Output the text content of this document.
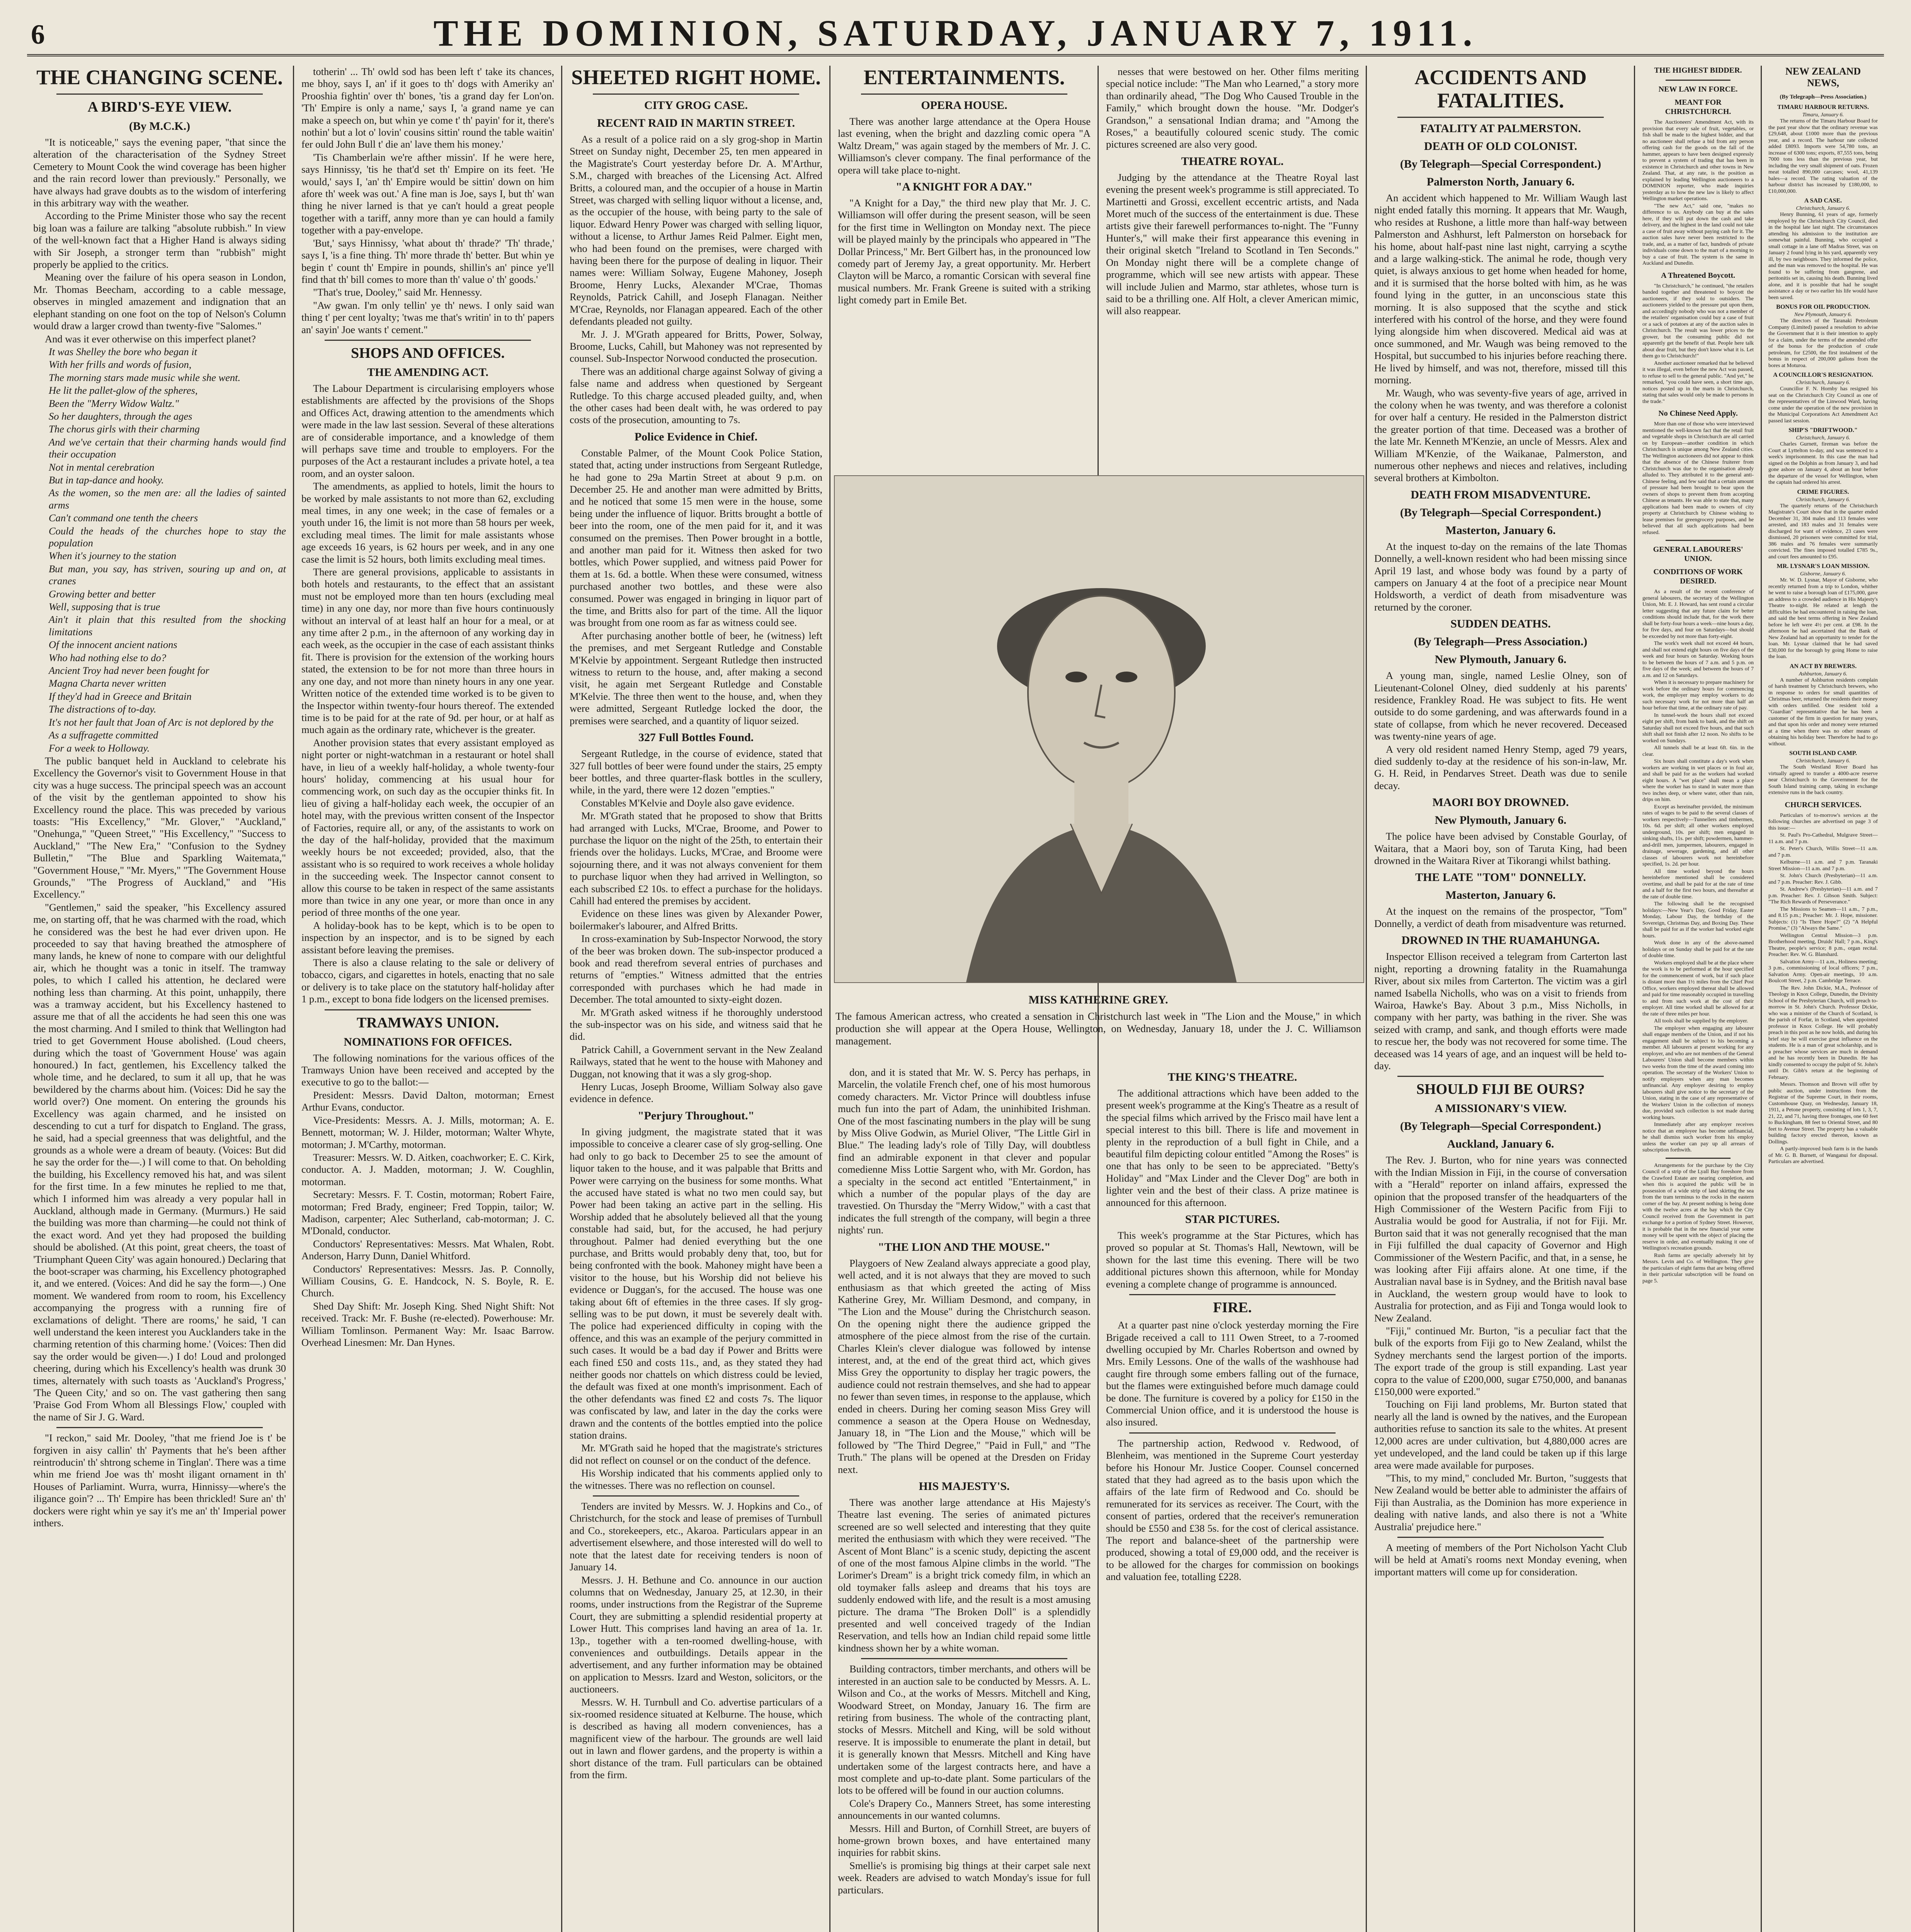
6	THE DOMINION, SATURDAY, JANUARY 7, 1911.
THE CHANGING SCENE.
A BIRD'S-EYE VIEW.
(By M.C.K.)

"It is noticeable," says the evening paper, "that since the alteration of the characterisation of the Sydney Street Cemetery to Mount Cook the wind coverage has been higher and the rain record lower than previously." Personally, we have always had grave doubts as to the wisdom of interfering in this arbitrary way with the weather.

According to the Prime Minister those who say the recent big loan was a failure are talking "absolute rubbish." In view of the well-known fact that a Higher Hand is always siding with Sir Joseph, a stronger term than "rubbish" might properly be applied to the critics.

Meaning over the failure of his opera season in London, Mr. Thomas Beecham, according to a cable message, observes in mingled amazement and indignation that an elephant standing on one foot on the top of Nelson's Column would draw a larger crowd than twenty-five "Salomes."

And was it ever otherwise on this imperfect planet?

It was Shelley the bore who began it

With her frills and words of fusion,

The morning stars made music while she went.

He lit the pallet-glow of the spheres,

Been the "Merry Widow Waltz."

So her daughters, through the ages

The chorus girls with their charming

And we've certain that their charming hands would find their occupation

Not in mental cerebration

But in tap-dance and hooky.

As the women, so the men are: all the ladies of sainted arms

Can't command one tenth the cheers

Could the heads of the churches hope to stay the population

When it's journey to the station

But man, you say, has striven, souring up and on, at cranes

Growing better and better

Well, supposing that is true

Ain't it plain that this resulted from the shocking limitations

Of the innocent ancient nations

Who had nothing else to do?

Ancient Troy had never been fought for

Magna Charta never written

If they'd had in Greece and Britain

The distractions of to-day.

It's not her fault that Joan of Arc is not deplored by the

As a suffragette committed

For a week to Holloway.

The public banquet held in Auckland to celebrate his Excellency the Governor's visit to Government House in that city was a huge success. The principal speech was an account of the visit by the gentleman appointed to show his Excellency round the place. This was preceded by various toasts: "His Excellency," "Mr. Glover," "Auckland," "Onehunga," "Queen Street," "His Excellency," "Success to Auckland," "The New Era," "Confusion to the Sydney Bulletin," "The Blue and Sparkling Waitemata," "Government House," "Mr. Myers," "The Government House Grounds," "The Progress of Auckland," and "His Excellency."

"Gentlemen," said the speaker, "his Excellency assured me, on starting off, that he was charmed with the road, which he considered was the best he had ever driven upon. He proceeded to say that having breathed the atmosphere of many lands, he knew of none to compare with our delightful air, which he thought was a tonic in itself. The tramway poles, to which I called his attention, he declared were nothing less than charming. At this point, unhappily, there was a tramway accident, but his Excellency hastened to assure me that of all the accidents he had seen this one was the most charming. And I smiled to think that Wellington had tried to get Government House abolished. (Loud cheers, during which the toast of 'Government House' was again honoured.) In fact, gentlemen, his Excellency talked the whole time, and he declared, to sum it all up, that he was bewildered by the charms about him. (Voices: Did he say the world over?) One moment. On entering the grounds his Excellency was again charmed, and he insisted on descending to cut a turf for dispatch to England. The grass, he said, had a special greenness that was delightful, and the grounds as a whole were a dream of beauty. (Voices: But did he say the order for the—.) I will come to that. On beholding the building, his Excellency removed his hat, and was silent for the first time. In a few minutes he replied to me that, which I informed him was already a very popular hall in Auckland, although made in Germany. (Murmurs.) He said the building was more than charming—he could not think of the exact word. And yet they had proposed the building should be abolished. (At this point, great cheers, the toast of 'Triumphant Queen City' was again honoured.) Declaring that the boot-scraper was charming, his Excellency photographed it, and we entered. (Voices: And did he say the form—.) One moment. We wandered from room to room, his Excellency accompanying the progress with a running fire of exclamations of delight. 'There are rooms,' he said, 'I can well understand the keen interest you Aucklanders take in the charming retention of this charming home.' (Voices: Then did say the order would be given—.) I do! Loud and prolonged cheering, during which his Excellency's health was drunk 30 times, alternately with such toasts as 'Auckland's Progress,' 'The Queen City,' and so on. The vast gathering then sang 'Praise God From Whom all Blessings Flow,' coupled with the name of Sir J. G. Ward.

"I reckon," said Mr. Dooley, "that me friend Joe is t' be forgiven in aisy callin' th' Payments that he's been afther reintroducin' th' shtrong scheme in Tinglan'. There was a time whin me friend Joe was th' mosht iligant ornament in th' Houses of Parliamint. Wurra, wurra, Hinnissy—where's the iligance goin'? ... Th' Empire has been thrickled! Sure an' th' dockers were right whin ye say it's me an' th' Imperial power inthers.

totherin' ... Th' owld sod has been left t' take its chances, me bhoy, says I, an' if it goes to th' dogs with Ameriky an' Prooshia fightin' over th' bones, 'tis a grand day fer Lon'on. 'Th' Empire is only a name,' says I, 'a grand name ye can make a speech on, but whin ye come t' th' payin' for it, there's nothin' but a lot o' lovin' cousins sittin' round the table waitin' fer ould John Bull t' die an' lave them his money.'

'Tis Chamberlain we're afther missin'. If he were here, says Hinnissy, 'tis he that'd set th' Empire on its feet. 'He would,' says I, 'an' th' Empire would be sittin' down on him afore th' week was out.' A fine man is Joe, says I, but th' wan thing he niver larned is that ye can't hould a great people together with a tariff, anny more than ye can hould a family together with a pay-envelope.

'But,' says Hinnissy, 'what about th' thrade?' 'Th' thrade,' says I, 'is a fine thing. Th' more thrade th' better. But whin ye begin t' count th' Empire in pounds, shillin's an' pince ye'll find that th' bill comes to more than th' value o' th' goods.'

"That's true, Dooley," said Mr. Hennessy.

"Aw gwan. I'm only tellin' ye th' news. I only said wan thing t' per cent loyalty; 'twas me that's writin' in to th' papers an' sayin' Joe wants t' cement."

SHOPS AND OFFICES.
THE AMENDING ACT.

The Labour Department is circularising employers whose establishments are affected by the provisions of the Shops and Offices Act, drawing attention to the amendments which were made in the law last session. Several of these alterations are of considerable importance, and a knowledge of them will perhaps save time and trouble to employers. For the purposes of the Act a restaurant includes a private hotel, a tea room, and an oyster saloon.

The amendments, as applied to hotels, limit the hours to be worked by male assistants to not more than 62, excluding meal times, in any one week; in the case of females or a youth under 16, the limit is not more than 58 hours per week, excluding meal times. The limit for male assistants whose age exceeds 16 years, is 62 hours per week, and in any one case the limit is 52 hours, both limits excluding meal times.

There are general provisions, applicable to assistants in both hotels and restaurants, to the effect that an assistant must not be employed more than ten hours (excluding meal time) in any one day, nor more than five hours continuously without an interval of at least half an hour for a meal, or at any time after 2 p.m., in the afternoon of any working day in each week, as the occupier in the case of each assistant thinks fit. There is provision for the extension of the working hours stated, the extension to be for not more than three hours in any one day, and not more than ninety hours in any one year. Written notice of the extended time worked is to be given to the Inspector within twenty-four hours thereof. The extended time is to be paid for at the rate of 9d. per hour, or at half as much again as the ordinary rate, whichever is the greater.

Another provision states that every assistant employed as night porter or night-watchman in a restaurant or hotel shall have, in lieu of a weekly half-holiday, a whole twenty-four hours' holiday, commencing at his usual hour for commencing work, on such day as the occupier thinks fit. In lieu of giving a half-holiday each week, the occupier of an hotel may, with the previous written consent of the Inspector of Factories, require all, or any, of the assistants to work on the day of the half-holiday, provided that the maximum weekly hours be not exceeded; provided, also, that the assistant who is so required to work receives a whole holiday in the succeeding week. The Inspector cannot consent to allow this course to be taken in respect of the same assistants more than twice in any one year, or more than once in any period of three months of the one year.

A holiday-book has to be kept, which is to be open to inspection by an inspector, and is to be signed by each assistant before leaving the premises.

There is also a clause relating to the sale or delivery of tobacco, cigars, and cigarettes in hotels, enacting that no sale or delivery is to take place on the statutory half-holiday after 1 p.m., except to bona fide lodgers on the licensed premises.

TRAMWAYS UNION.
NOMINATIONS FOR OFFICES.

The following nominations for the various offices of the Tramways Union have been received and accepted by the executive to go to the ballot:—

President: Messrs. David Dalton, motorman; Ernest Arthur Evans, conductor.

Vice-Presidents: Messrs. A. J. Mills, motorman; A. E. Bennett, motorman; W. J. Hilder, motorman; Walter Whyte, motorman; J. M'Carthy, motorman.

Treasurer: Messrs. W. D. Aitken, coachworker; E. C. Kirk, conductor. A. J. Madden, motorman; J. W. Coughlin, motorman.

Secretary: Messrs. F. T. Costin, motorman; Robert Faire, motorman; Fred Brady, engineer; Fred Toppin, tailor; W. Madison, carpenter; Alec Sutherland, cab-motorman; J. C. M'Donald, conductor.

Conductors' Representatives: Messrs. Mat Whalen, Robt. Anderson, Harry Dunn, Daniel Whitford.

Conductors' Representatives: Messrs. Jas. P. Connolly, William Cousins, G. E. Handcock, N. S. Boyle, R. E. Church.

Shed Day Shift: Mr. Joseph King. Shed Night Shift: Not received. Track: Mr. F. Bushe (re-elected). Powerhouse: Mr. William Tomlinson. Permanent Way: Mr. Isaac Barrow. Overhead Linesmen: Mr. Dan Hynes.

SHEETED RIGHT HOME.
CITY GROG CASE.
RECENT RAID IN MARTIN STREET.

As a result of a police raid on a sly grog-shop in Martin Street on Sunday night, December 25, ten men appeared in the Magistrate's Court yesterday before Dr. A. M'Arthur, S.M., charged with breaches of the Licensing Act. Alfred Britts, a coloured man, and the occupier of a house in Martin Street, was charged with selling liquor without a license, and, as the occupier of the house, with being party to the sale of liquor. Edward Henry Power was charged with selling liquor, without a license, to Arthur James Reid Palmer. Eight men, who had been found on the premises, were charged with having been there for the purpose of dealing in liquor. Their names were: William Solway, Eugene Mahoney, Joseph Broome, Henry Lucks, Alexander M'Crae, Thomas Reynolds, Patrick Cahill, and Joseph Flanagan. Neither M'Crae, Reynolds, nor Flanagan appeared. Each of the other defendants pleaded not guilty.

Mr. J. J. M'Grath appeared for Britts, Power, Solway, Broome, Lucks, Cahill, but Mahoney was not represented by counsel. Sub-Inspector Norwood conducted the prosecution.

There was an additional charge against Solway of giving a false name and address when questioned by Sergeant Rutledge. To this charge accused pleaded guilty, and, when the other cases had been dealt with, he was ordered to pay costs of the prosecution, amounting to 7s.

Police Evidence in Chief.

Constable Palmer, of the Mount Cook Police Station, stated that, acting under instructions from Sergeant Rutledge, he had gone to 29a Martin Street at about 9 p.m. on December 25. He and another man were admitted by Britts, and he noticed that some 15 men were in the house, some being under the influence of liquor. Britts brought a bottle of beer into the room, one of the men paid for it, and it was consumed on the premises. Then Power brought in a bottle, and another man paid for it. Witness then asked for two bottles, which Power supplied, and witness paid Power for them at 1s. 6d. a bottle. When these were consumed, witness purchased another two bottles, and these were also consumed. Power was engaged in bringing in liquor part of the time, and Britts also for part of the time. All the liquor was brought from one room as far as witness could see.

After purchasing another bottle of beer, he (witness) left the premises, and met Sergeant Rutledge and Constable M'Kelvie by appointment. Sergeant Rutledge then instructed witness to return to the house, and, after making a second visit, he again met Sergeant Rutledge and Constable M'Kelvie. The three then went to the house, and, when they were admitted, Sergeant Rutledge locked the door, the premises were searched, and a quantity of liquor seized.

327 Full Bottles Found.

Sergeant Rutledge, in the course of evidence, stated that 327 full bottles of beer were found under the stairs, 25 empty beer bottles, and three quarter-flask bottles in the scullery, while, in the yard, there were 12 dozen "empties."

Constables M'Kelvie and Doyle also gave evidence.

Mr. M'Grath stated that he proposed to show that Britts had arranged with Lucks, M'Crae, Broome, and Power to purchase the liquor on the night of the 25th, to entertain their friends over the holidays. Lucks, M'Crae, and Broome were sojourning there, and it was not always convenient for them to purchase liquor when they had arrived in Wellington, so each subscribed £2 10s. to effect a purchase for the holidays. Cahill had entered the premises by accident.

Evidence on these lines was given by Alexander Power, boilermaker's labourer, and Alfred Britts.

In cross-examination by Sub-Inspector Norwood, the story of the beer was broken down. The sub-inspector produced a book and read therefrom several entries of purchases and returns of "empties." Witness admitted that the entries corresponded with purchases which he had made in December. The total amounted to sixty-eight dozen.

Mr. M'Grath asked witness if he thoroughly understood the sub-inspector was on his side, and witness said that he did.

Patrick Cahill, a Government servant in the New Zealand Railways, stated that he went to the house with Mahoney and Duggan, not knowing that it was a sly grog-shop.

Henry Lucas, Joseph Broome, William Solway also gave evidence in defence.

"Perjury Throughout."

In giving judgment, the magistrate stated that it was impossible to conceive a clearer case of sly grog-selling. One had only to go back to December 25 to see the amount of liquor taken to the house, and it was palpable that Britts and Power were carrying on the business for some months. What the accused have stated is what no two men could say, but Power had been taking an active part in the selling. His Worship added that he absolutely believed all that the young constable had said, but, for the accused, he had perjury throughout. Palmer had denied everything but the one purchase, and Britts would probably deny that, too, but for being confronted with the book. Mahoney might have been a visitor to the house, but his Worship did not believe his evidence or Duggan's, for the accused. The house was one taking about 6ft of eftemies in the three cases. If sly grog-selling was to be put down, it must be severely dealt with. The police had experienced difficulty in coping with the offence, and this was an example of the perjury committed in such cases. It would be a bad day if Power and Britts were each fined £50 and costs 11s., and, as they stated they had neither goods nor chattels on which distress could be levied, the default was fixed at one month's imprisonment. Each of the other defendants was fined £2 and costs 7s. The liquor was confiscated by law, and later in the day the corks were drawn and the contents of the bottles emptied into the police station drains.

Mr. M'Grath said he hoped that the magistrate's strictures did not reflect on counsel or on the conduct of the defence.

His Worship indicated that his comments applied only to the witnesses. There was no reflection on counsel.

Tenders are invited by Messrs. W. J. Hopkins and Co., of Christchurch, for the stock and lease of premises of Turnbull and Co., storekeepers, etc., Akaroa. Particulars appear in an advertisement elsewhere, and those interested will do well to note that the latest date for receiving tenders is noon of January 14.

Messrs. J. H. Bethune and Co. announce in our auction columns that on Wednesday, January 25, at 12.30, in their rooms, under instructions from the Registrar of the Supreme Court, they are submitting a splendid residential property at Lower Hutt. This comprises land having an area of 1a. 1r. 13p., together with a ten-roomed dwelling-house, with conveniences and outbuildings. Details appear in the advertisement, and any further information may be obtained on application to Messrs. Izard and Weston, solicitors, or the auctioneers.

Messrs. W. H. Turnbull and Co. advertise particulars of a six-roomed residence situated at Kelburne. The house, which is described as having all modern conveniences, has a magnificent view of the harbour. The grounds are well laid out in lawn and flower gardens, and the property is within a short distance of the tram. Full particulars can be obtained from the firm.

ENTERTAINMENTS.
OPERA HOUSE.

There was another large attendance at the Opera House last evening, when the bright and dazzling comic opera "A Waltz Dream," was again staged by the members of Mr. J. C. Williamson's clever company. The final performance of the opera will take place to-night.

"A KNIGHT FOR A DAY."

"A Knight for a Day," the third new play that Mr. J. C. Williamson will offer during the present season, will be seen for the first time in Wellington on Monday next. The piece will be played mainly by the principals who appeared in "The Dollar Princess," Mr. Bert Gilbert has, in the pronounced low comedy part of Jeremy Jay, a great opportunity. Mr. Herbert Clayton will be Marco, a romantic Corsican with several fine musical numbers. Mr. Frank Greene is suited with a striking light comedy part in Emile Bet.

nesses that were bestowed on her. Other films meriting special notice include: "The Man who Learned," a story more than ordinarily ahead, "The Dog Who Caused Trouble in the Family," which brought down the house. "Mr. Dodger's Grandson," a sensational Indian drama; and "Among the Roses," a beautifully coloured scenic study. The comic pictures screened are also very good.

THEATRE ROYAL.

Judging by the attendance at the Theatre Royal last evening the present week's programme is still appreciated. To Martinetti and Grossi, excellent eccentric artists, and Nada Moret much of the success of the entertainment is due. These artists give their farewell performances to-night. The "Funny Hunter's," will make their first appearance this evening in their original sketch "Ireland to Scotland in Ten Seconds." On Monday night there will be a complete change of programme, which will see new artists with appear. These will include Julien and Marmo, star athletes, whose turn is said to be a thrilling one. Alf Holt, a clever American mimic, will also reappear.

MISS KATHERINE GREY.
The famous American actress, who created a sensation in Christchurch last week in "The Lion and the Mouse," in which production she will appear at the Opera House, Wellington, on Wednesday, January 18, under the J. C. Williamson management.

don, and it is stated that Mr. W. S. Percy has perhaps, in Marcelin, the volatile French chef, one of his most humorous comedy characters. Mr. Victor Prince will doubtless infuse much fun into the part of Adam, the uninhibited Irishman. One of the most fascinating numbers in the play will be sung by Miss Olive Godwin, as Muriel Oliver, "The Little Girl in Blue." The leading lady's role of Tilly Day, will doubtless find an admirable exponent in that clever and popular comedienne Miss Lottie Sargent who, with Mr. Gordon, has a specialty in the second act entitled "Entertainment," in which a number of the popular plays of the day are travestied. On Thursday the "Merry Widow," with a cast that indicates the full strength of the company, will begin a three nights' run.

"THE LION AND THE MOUSE."

Playgoers of New Zealand always appreciate a good play, well acted, and it is not always that they are moved to such enthusiasm as that which greeted the acting of Miss Katherine Grey, Mr. William Desmond, and company, in "The Lion and the Mouse" during the Christchurch season. On the opening night there the audience gripped the atmosphere of the piece almost from the rise of the curtain. Charles Klein's clever dialogue was followed by intense interest, and, at the end of the great third act, which gives Miss Grey the opportunity to display her tragic powers, the audience could not restrain themselves, and she had to appear no fewer than seven times, in response to the applause, which ended in cheers. During her coming season Miss Grey will commence a season at the Opera House on Wednesday, January 18, in "The Lion and the Mouse," which will be followed by "The Third Degree," "Paid in Full," and "The Truth." The plans will be opened at the Dresden on Friday next.

HIS MAJESTY'S.

There was another large attendance at His Majesty's Theatre last evening. The series of animated pictures screened are so well selected and interesting that they quite merited the enthusiasm with which they were received. "The Ascent of Mont Blanc" is a scenic study, depicting the ascent of one of the most famous Alpine climbs in the world. "The Lorimer's Dream" is a bright trick comedy film, in which an old toymaker falls asleep and dreams that his toys are suddenly endowed with life, and the result is a most amusing picture. The drama "The Broken Doll" is a splendidly presented and well conceived tragedy of the Indian Reservation, and tells how an Indian child repaid some little kindness shown her by a white woman.

Building contractors, timber merchants, and others will be interested in an auction sale to be conducted by Messrs. A. L. Wilson and Co., at the works of Messrs. Mitchell and King, Woodward Street, on Monday, January 16. The firm are retiring from business. The whole of the contracting plant, stocks of Messrs. Mitchell and King, will be sold without reserve. It is impossible to enumerate the plant in detail, but it is generally known that Messrs. Mitchell and King have undertaken some of the largest contracts here, and have a most complete and up-to-date plant. Some particulars of the lots to be offered will be found in our auction columns.

Cole's Drapery Co., Manners Street, has some interesting announcements in our wanted columns.

Messrs. Hill and Burton, of Cornhill Street, are buyers of home-grown brown boxes, and have entertained many inquiries for rabbit skins.

Smellie's is promising big things at their carpet sale next week. Readers are advised to watch Monday's issue for full particulars.

THE KING'S THEATRE.

The additional attractions which have been added to the present week's programme at the King's Theatre as a result of the special films which arrived by the Frisco mail have lent a special interest to this bill. There is life and movement in plenty in the reproduction of a bull fight in Chile, and a beautiful film depicting colour entitled "Among the Roses" is one that has only to be seen to be appreciated. "Betty's Holiday" and "Max Linder and the Clever Dog" are both in lighter vein and the best of their class. A prize matinee is announced for this afternoon.

STAR PICTURES.

This week's programme at the Star Pictures, which has proved so popular at St. Thomas's Hall, Newtown, will be shown for the last time this evening. There will be two additional pictures shown this afternoon, while for Monday evening a complete change of programme is announced.

FIRE.

At a quarter past nine o'clock yesterday morning the Fire Brigade received a call to 111 Owen Street, to a 7-roomed dwelling occupied by Mr. Charles Robertson and owned by Mrs. Emily Lessons. One of the walls of the washhouse had caught fire through some embers falling out of the furnace, but the flames were extinguished before much damage could be done. The furniture is covered by a policy for £150 in the Commercial Union office, and it is understood the house is also insured.

The partnership action, Redwood v. Redwood, of Blenheim, was mentioned in the Supreme Court yesterday before his Honour Mr. Justice Cooper. Counsel concerned stated that they had agreed as to the basis upon which the affairs of the late firm of Redwood and Co. should be remunerated for its services as receiver. The Court, with the consent of parties, ordered that the receiver's remuneration should be £550 and £38 5s. for the cost of clerical assistance. The report and balance-sheet of the partnership were produced, showing a total of £9,000 odd, and the receiver is to be allowed for the charges for commission on bookings and valuation fee, totalling £228.

ACCIDENTS AND FATALITIES.
FATALITY AT PALMERSTON.
DEATH OF OLD COLONIST.
(By Telegraph—Special Correspondent.)
Palmerston North, January 6.

An accident which happened to Mr. William Waugh last night ended fatally this morning. It appears that Mr. Waugh, who resides at Rushone, a little more than half-way between Palmerston and Ashhurst, left Palmerston on horseback for his home, about half-past nine last night, carrying a scythe and a large walking-stick. The animal he rode, though very quiet, is always anxious to get home when headed for home, and it is surmised that the horse bolted with him, as he was found lying in the gutter, in an unconscious state this morning. It is also supposed that the scythe and stick interfered with his control of the horse, and they were found lying alongside him when discovered. Medical aid was at once summoned, and Mr. Waugh was being removed to the Hospital, but succumbed to his injuries before reaching there. He lived by himself, and was not, therefore, missed till this morning.

Mr. Waugh, who was seventy-five years of age, arrived in the colony when he was twenty, and was therefore a colonist for over half a century. He resided in the Palmerston district the greater portion of that time. Deceased was a brother of the late Mr. Kenneth M'Kenzie, an uncle of Messrs. Alex and William M'Kenzie, of the Waikanae, Palmerston, and numerous other nephews and nieces and relatives, including several brothers at Kimbolton.

DEATH FROM MISADVENTURE.
(By Telegraph—Special Correspondent.)
Masterton, January 6.

At the inquest to-day on the remains of the late Thomas Donnelly, a well-known resident who had been missing since April 19 last, and whose body was found by a party of campers on January 4 at the foot of a precipice near Mount Holdsworth, a verdict of death from misadventure was returned by the coroner.

SUDDEN DEATHS.
(By Telegraph—Press Association.)
New Plymouth, January 6.

A young man, single, named Leslie Olney, son of Lieutenant-Colonel Olney, died suddenly at his parents' residence, Frankley Road. He was subject to fits. He went outside to do some gardening, and was afterwards found in a state of collapse, from which he never recovered. Deceased was twenty-nine years of age.

A very old resident named Henry Stemp, aged 79 years, died suddenly to-day at the residence of his son-in-law, Mr. G. H. Reid, in Pendarves Street. Death was due to senile decay.

MAORI BOY DROWNED.
New Plymouth, January 6.

The police have been advised by Constable Gourlay, of Waitara, that a Maori boy, son of Taruta King, had been drowned in the Waitara River at Tikorangi whilst bathing.

THE LATE "TOM" DONNELLY.
Masterton, January 6.

At the inquest on the remains of the prospector, "Tom" Donnelly, a verdict of death from misadventure was returned.

DROWNED IN THE RUAMAHUNGA.

Inspector Ellison received a telegram from Carterton last night, reporting a drowning fatality in the Ruamahunga River, about six miles from Carterton. The victim was a girl named Isabella Nicholls, who was on a visit to friends from Wairoa, Hawke's Bay. About 3 p.m., Miss Nicholls, in company with her party, was bathing in the river. She was seized with cramp, and sank, and though efforts were made to rescue her, the body was not recovered for some time. The deceased was 14 years of age, and an inquest will be held to-day.

SHOULD FIJI BE OURS?
A MISSIONARY'S VIEW.
(By Telegraph—Special Correspondent.)
Auckland, January 6.

The Rev. J. Burton, who for nine years was connected with the Indian Mission in Fiji, in the course of conversation with a "Herald" reporter on inland affairs, expressed the opinion that the proposed transfer of the headquarters of the High Commissioner of the Western Pacific from Fiji to Australia would be good for Australia, if not for Fiji. Mr. Burton said that it was not generally recognised that the man in Fiji fulfilled the dual capacity of Governor and High Commissioner of the Western Pacific, and that, in a sense, he was looking after Fiji affairs alone. At one time, if the Australian naval base is in Sydney, and the British naval base in Auckland, the western group would have to look to Australia for protection, and as Fiji and Tonga would look to New Zealand.

"Fiji," continued Mr. Burton, "is a peculiar fact that the bulk of the exports from Fiji go to New Zealand, whilst the Sydney merchants send the largest portion of the imports. The export trade of the group is still expanding. Last year copra to the value of £200,000, sugar £750,000, and bananas £150,000 were exported."

Touching on Fiji land problems, Mr. Burton stated that nearly all the land is owned by the natives, and the European authorities refuse to sanction its sale to the whites. At present 12,000 acres are under cultivation, but 4,880,000 acres are yet undeveloped, and the land could be taken up if this large area were made available for purposes.

"This, to my mind," concluded Mr. Burton, "suggests that New Zealand would be better able to administer the affairs of Fiji than Australia, as the Dominion has more experience in dealing with native lands, and also there is not a 'White Australia' prejudice here."

A meeting of members of the Port Nicholson Yacht Club will be held at Amati's rooms next Monday evening, when important matters will come up for consideration.

THE HIGHEST BIDDER.
NEW LAW IN FORCE.
MEANT FOR CHRISTCHURCH.

The Auctioneers' Amendment Act, with its provision that every sale of fruit, vegetables, or fish shall be made to the highest bidder, and that no auctioneer shall refuse a bid from any person offering cash for the goods on the fall of the hammer, appears to have been designed expressly to prevent a system of trading that has been in existence in Christchurch and other towns in New Zealand. That, at any rate, is the position as explained by leading Wellington auctioneers to a DOMINION reporter, who made inquiries yesterday as to how the new law is likely to affect Wellington market operations.

"The new Act," said one, "makes no difference to us. Anybody can buy at the sales here, if they will put down the cash and take delivery, and the highest in the land could not take a case of fruit away without paying cash for it. The auction sales have never been restricted to the trade, and, as a matter of fact, hundreds of private individuals come down to the mart of a morning to buy a case of fruit. The system is the same in Auckland and Dunedin.

A Threatened Boycott.

"In Christchurch," he continued, "the retailers banded together and threatened to boycott the auctioneers, if they sold to outsiders. The auctioneers yielded to the pressure put upon them, and accordingly nobody who was not a member of the retailers' organisation could buy a case of fruit or a sack of potatoes at any of the auction sales in Christchurch. The result was lower prices to the grower, but the consuming public did not apparently get the benefit of that. People here talk about dear fruit, but they don't know what it is. Let them go to Christchurch!"

Another auctioneer remarked that he believed it was illegal, even before the new Act was passed, to refuse to sell to the general public. "And yet," he remarked, "you could have seen, a short time ago, notices posted up in the marts in Christchurch, stating that sales would only be made to persons in the trade."

No Chinese Need Apply.

More than one of those who were interviewed mentioned the well-known fact that the retail fruit and vegetable shops in Christchurch are all carried on by European—another condition in which Christchurch is unique among New Zealand cities. The Wellington auctioneers did not appear to think that the absence of the Chinese fruiterer from Christchurch was due to the organisation already alluded to. They attributed it to the general anti-Chinese feeling, and few said that a certain amount of pressure had been brought to bear upon the owners of shops to prevent them from accepting Chinese as tenants. He was able to state that, many applications had been made to owners of city property at Christchurch by Chinese wishing to lease premises for greengrocery purposes, and he believed that all such applications had been refused.

GENERAL LABOURERS' UNION.
CONDITIONS OF WORK DESIRED.

As a result of the recent conference of general labourers, the secretary of the Wellington Union, Mr. E. J. Howard, has sent round a circular letter suggesting that any future claim for better conditions should include that, for the work there shall be forty-four hours a week—nine hours a day, for five days, and four on Saturdays—but should be exceeded by not more than forty-eight.

The work's week shall not exceed 44 hours, and shall not extend eight hours on five days of the week and four hours on Saturday. Working hours to be between the hours of 7 a.m. and 5 p.m. on five days of the week; and between the hours of 7 a.m. and 12 on Saturdays.

When it is necessary to prepare machinery for work before the ordinary hours for commencing work, the employer may employ workers to do such necessary work for not more than half an hour before that time, at the ordinary rate of pay.

In tunnel-work the hours shall not exceed eight per shift, from bank to bank, and the shift on Saturday shall not exceed five hours, and that such shift shall not finish after 12 noon. No shifts to be worked on Sundays.

All tunnels shall be at least 6ft. 6in. in the clear.

Six hours shall constitute a day's work when workers are working in wet places or in foul air, and shall be paid for as the workers had worked eight hours. A "wet place" shall mean a place where the worker has to stand in water more than two inches deep, or where water, other than rain, drips on him.

Except as hereinafter provided, the minimum rates of wages to be paid to the several classes of workers respectively—Tunnellers and timbermen, 10s. 6d. per shift; all other workers employed underground, 10s. per shift; men engaged in sinking shafts, 11s. per shift; powdermen, hammer-and-drill men, jumpermen, labourers, engaged in drainage, sewerage, gardening, and all other classes of labourers work not hereinbefore specified, 1s. 2d. per hour.

All time worked beyond the hours hereinbefore mentioned shall be considered overtime, and shall be paid for at the rate of time and a half for the first two hours, and thereafter at the rate of double time.

The following shall be the recognised holidays:—New Year's Day, Good Friday, Easter Monday, Labour Day, the birthday of the Sovereign, Christmas Day, and Boxing Day. These shall be paid for as if the worker had worked eight hours.

Work done in any of the above-named holidays or on Sunday shall be paid for at the rate of double time.

Workers employed shall be at the place where the work is to be performed at the hour specified for the commencement of work, but if such place is distant more than 1½ miles from the Chief Post Office, workers employed thereat shall be allowed and paid for time reasonably occupied in travelling to and from such work at the cost of their employer. All time worked shall be allowed for at the rate of three miles per hour.

All tools shall be supplied by the employer.

The employer when engaging any labourer shall engage members of the Union, and if not his engagement shall be subject to his becoming a member. All labourers at present working for any employer, and who are not members of the General Labourers' Union shall become members within two weeks from the time of the award coming into operation. The secretary of the Workers' Union to notify employers when any man becomes unfinancial. Any employer desiring to employ labourers shall give notice to the secretary of the Union, stating in the case of any representative of the Workers' Union in the collection of moneys due, provided such collection is not made during working hours.

Immediately after any employer receives notice that an employee has become unfinancial, he shall dismiss such worker from his employ unless the worker can pay up all arrears of subscription forthwith.

Arrangements for the purchase by the City Council of a strip of the Lyall Bay foreshore from the Crawford Estate are nearing completion, and when this is acquired the public will be in possession of a wide strip of land skirting the sea from the tram terminus to the rocks in the eastern corner of the bay. At present nothing is being done with the twelve acres at the bay which the City Council received from the Government in part exchange for a portion of Sydney Street. However, it is probable that in the new financial year some money will be spent with the object of placing the reserve in order, and eventually making it one of Wellington's recreation grounds.

Rush farms are specially adversely hit by Messrs. Levin and Co. of Wellington. They give the particulars of eight farms that are being offered in their particular subscription will be found on page 5.

NEW ZEALAND NEWS,
(By Telegraph—Press Association.)
TIMARU HARBOUR RETURNS.
Timaru, January 6.

The returns of the Timaru Harbour Board for the past year show that the ordinary revenue was £29,648, about £1000 more than the previous year, and a record. The harbour rate collected added £8093. Imports were 54,780 tons, an increase of 6300 tons; exports, 87,555 tons, being 7000 tons less than the previous year, but including the very small shipment of oats. Frozen meat totalled 890,000 carcases; wool, 41,139 bales—a record. The rating valuation of the harbour district has increased by £180,000, to £10,000,000.

A SAD CASE.
Christchurch, January 6.

Henry Bunning, 61 years of age, formerly employed by the Christchurch City Council, died in the hospital late last night. The circumstances attending his admission to the institution are somewhat painful. Bunning, who occupied a small cottage in a lane off Madras Street, was on January 2 found lying in his yard, apparently very ill, by two neighbours. They informed the police, and the man was removed to the hospital. He was found to be suffering from gangrene, and peritonitis set in, causing his death. Bunning lived alone, and it is possible that had he sought assistance a day or two earlier his life would have been saved.

BONUS FOR OIL PRODUCTION.
New Plymouth, January 6.

The directors of the Taranaki Petroleum Company (Limited) passed a resolution to advise the Government that it is their intention to apply for a claim, under the terms of the amended offer of the bonus for the production of crude petroleum, for £2500, the first instalment of the bonus in respect of 200,000 gallons from the bores at Moturoa.

A COUNCILLOR'S RESIGNATION.
Christchurch, January 6.

Councillor F. N. Hornby has resigned his seat on the Christchurch City Council as one of the representatives of the Linwood Ward, having come under the operation of the new provision in the Municipal Corporations Act Amendment Act passed last session.

SHIP'S "DRIFTWOOD."
Christchurch, January 6.

Charles Gurnett, fireman was before the Court at Lyttelton to-day, and was sentenced to a week's imprisonment. In this case the man had signed on the Dolphin as from January 3, and had gone ashore on January 4, about an hour before the departure of the vessel for Wellington, when the captain had ordered his arrest.

CRIME FIGURES.
Christchurch, January 6.

The quarterly returns of the Christchurch Magistrate's Court show that in the quarter ended December 31, 304 males and 113 females were arrested, and 183 males and 31 females were discharged for want of evidence, 23 cases were dismissed, 20 prisoners were committed for trial, 386 males and 76 females were summarily convicted. The fines imposed totalled £785 9s., and court fees amounted to £95.

MR. LYSNAR'S LOAN MISSION.
Gisborne, January 6.

Mr. W. D. Lysnar, Mayor of Gisborne, who recently returned from a trip to London, whither he went to raise a borough loan of £175,000, gave an address to a crowded audience in His Majesty's Theatre to-night. He related at length the difficulties he had encountered in raising the loan, and said the best terms offering in New Zealand before he left were 4½ per cent. at £98. In the afternoon he had ascertained that the Bank of New Zealand had an opportunity to tender for the loan. Mr. Lysnar claimed that he had saved £30,000 for the borough by going Home to raise the loan.

AN ACT BY BREWERS.
Ashburton, January 6.

A number of Ashburton residents complain of harsh treatment by Christchurch brewers, who in response to orders for small quantities of Christmas beer, returned the residents their money with orders unfilled. One resident told a "Guardian" representative that he has been a customer of the firm in question for many years, and that upon his order and money were returned at a time when there was no other means of obtaining his holiday beer. Therefore he had to go without.

SOUTH ISLAND CAMP.
Christchurch, January 6.

The South Westland River Board has virtually agreed to transfer a 4000-acre reserve near Christchurch to the Government for the South Island training camp, taking in exchange extensive runs in the back country.

CHURCH SERVICES.

Particulars of to-morrow's services at the following churches are advertised on page 3 of this issue:—

St. Paul's Pro-Cathedral, Mulgrave Street—11 a.m. and 7 p.m.

St. Peter's Church, Willis Street—11 a.m. and 7 p.m.

Kelburne—11 a.m. and 7 p.m. Taranaki Street Mission—11 a.m. and 7 p.m.

St. John's Church (Presbyterian)—11 a.m. and 7 p.m. Preacher: Rev. J. Gibb.

St. Andrew's (Presbyterian)—11 a.m. and 7 p.m. Preacher: Rev. J. Gibson Smith. Subject: "The Rich Rewards of Perseverance."

The Missions to Seamen—11 a.m., 7 p.m., and 8.15 p.m.; Preacher: Mr. J. Hope, missioner. Subjects: (1) "Is There Hope?" (2) "A Helpful Promise," (3) "Always the Same."

Wellington Central Mission—3 p.m. Brotherhood meeting, Druids' Hall; 7 p.m., King's Theatre, people's service; 8 p.m., organ recital. Preacher: Rev. W. G. Blanshard.

Salvation Army—11 a.m., Holiness meeting; 3 p.m., commissioning of local officers; 7 p.m., Salvation Army. Open-air meetings, 10 a.m. Boulcott Street, 2 p.m. Cambridge Terrace.

The Rev. John Dickie, M.A., Professor of Theology in Knox College, Dunedin, the Divinity School of the Presbyterian Church, will preach to-morrow in St. John's Church. Professor Dickie, who was a minister of the Church of Scotland, is the parish of Forfar, in Scotland, when appointed professor in Knox College. He will probably preach in this post as he now holds, and during his brief stay he will exercise great influence on the students. He is a man of great scholarship, and is a preacher whose services are much in demand and he has recently been in Dunedin. He has kindly consented to occupy the pulpit of St. John's until Dr. Gibb's return at the beginning of February.

Messrs. Thomson and Brown will offer by public auction, under instructions from the Registrar of the Supreme Court, in their rooms, Customhouse Quay, on Wednesday, January 18, 1911, a Petone property, consisting of lots 1, 3, 7, 21, 22, and 71, having three frontages, one 60 feet to Buckingham, 88 feet to Oriental Street, and 80 feet to Avenue Street. The property has a valuable building factory erected thereon, known as Dollings.

A partly-improved bush farm is in the hands of Mr. G. B. Burnett, of Wanganui for disposal. Particulars are advertised.
